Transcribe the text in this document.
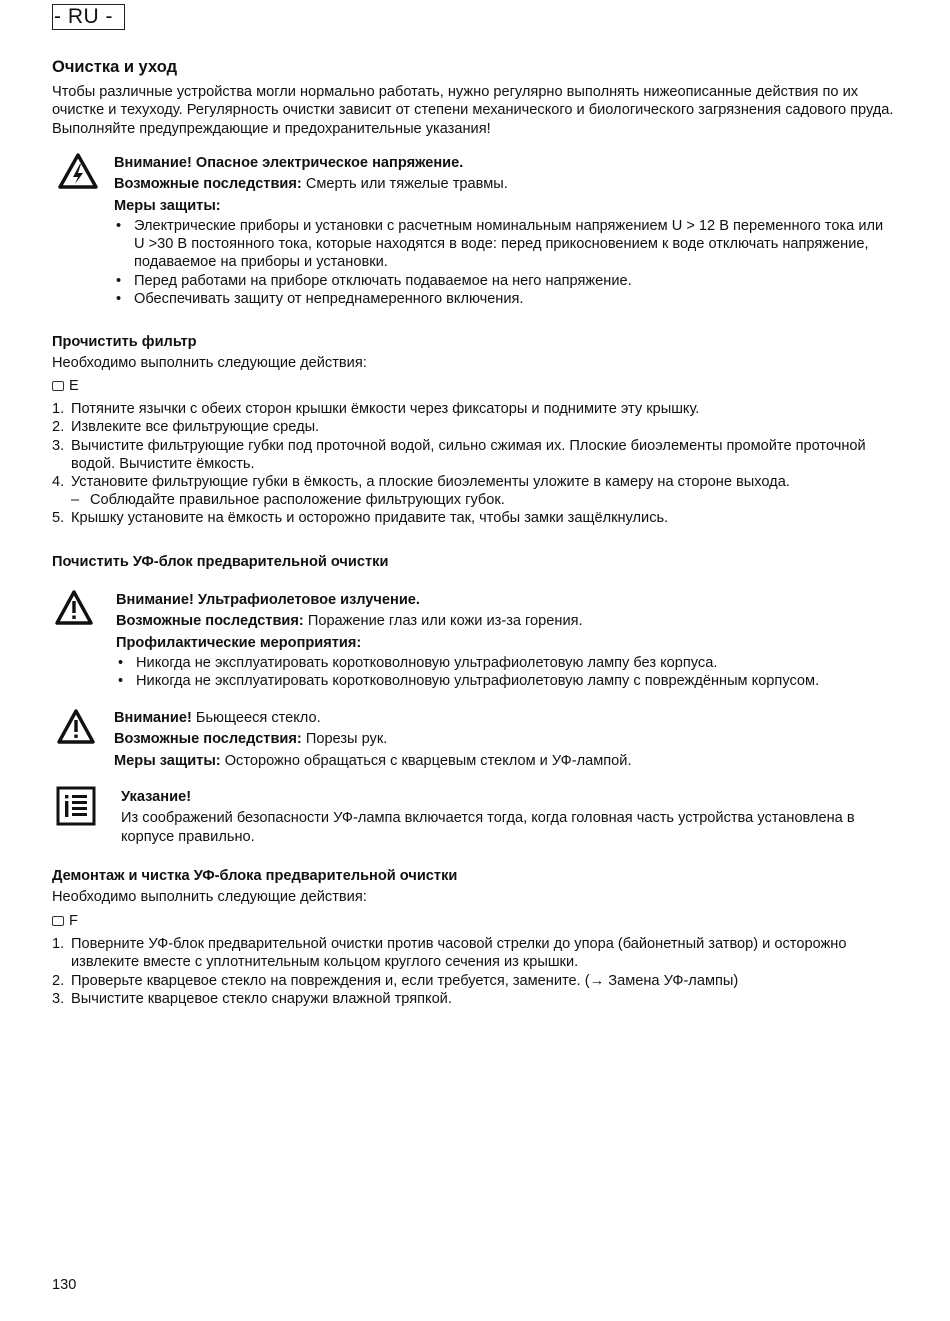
- RU -
Очистка и уход
Чтобы различные устройства могли нормально работать, нужно регулярно выполнять нижеописанные действия по их очистке и техуходу. Регулярность очистки зависит от степени механического и биологического загрязнения садового пруда. Выполняйте предупреждающие и предохранительные указания!
Внимание! Опасное электрическое напряжение.
Возможные последствия: Смерть или тяжелые травмы.
Меры защиты:
• Электрические приборы и установки с расчетным номинальным напряжением U > 12 В переменного тока или U >30 В постоянного тока, которые находятся в воде: перед прикосновением к воде отключать напряжение, подаваемое на приборы и установки.
• Перед работами на приборе отключать подаваемое на него напряжение.
• Обеспечивать защиту от непреднамеренного включения.
Прочистить фильтр
Необходимо выполнить следующие действия:
E
1. Потяните язычки с обеих сторон крышки ёмкости через фиксаторы и поднимите эту крышку.
2. Извлеките все фильтрующие среды.
3. Вычистите фильтрующие губки под проточной водой, сильно сжимая их. Плоские биоэлементы промойте проточной водой. Вычистите ёмкость.
4. Установите фильтрующие губки в ёмкость, а плоские биоэлементы уложите в камеру на стороне выхода.
– Соблюдайте правильное расположение фильтрующих губок.
5. Крышку установите на ёмкость и осторожно придавите так, чтобы замки защёлкнулись.
Почистить УФ-блок предварительной очистки
Внимание! Ультрафиолетовое излучение.
Возможные последствия: Поражение глаз или кожи из-за горения.
Профилактические мероприятия:
• Никогда не эксплуатировать коротковолновую ультрафиолетовую лампу без корпуса.
• Никогда не эксплуатировать коротковолновую ультрафиолетовую лампу с повреждённым корпусом.
Внимание! Бьющееся стекло.
Возможные последствия: Порезы рук.
Меры защиты: Осторожно обращаться с кварцевым стеклом и УФ-лампой.
Указание!
Из соображений безопасности УФ-лампа включается тогда, когда головная часть устройства установлена в корпусе правильно.
Демонтаж и чистка УФ-блока предварительной очистки
Необходимо выполнить следующие действия:
F
1. Поверните УФ-блок предварительной очистки против часовой стрелки до упора (байонетный затвор) и осторожно извлеките вместе с уплотнительным кольцом круглого сечения из крышки.
2. Проверьте кварцевое стекло на повреждения и, если требуется, замените. (→ Замена УФ-лампы)
3. Вычистите кварцевое стекло снаружи влажной тряпкой.
130
